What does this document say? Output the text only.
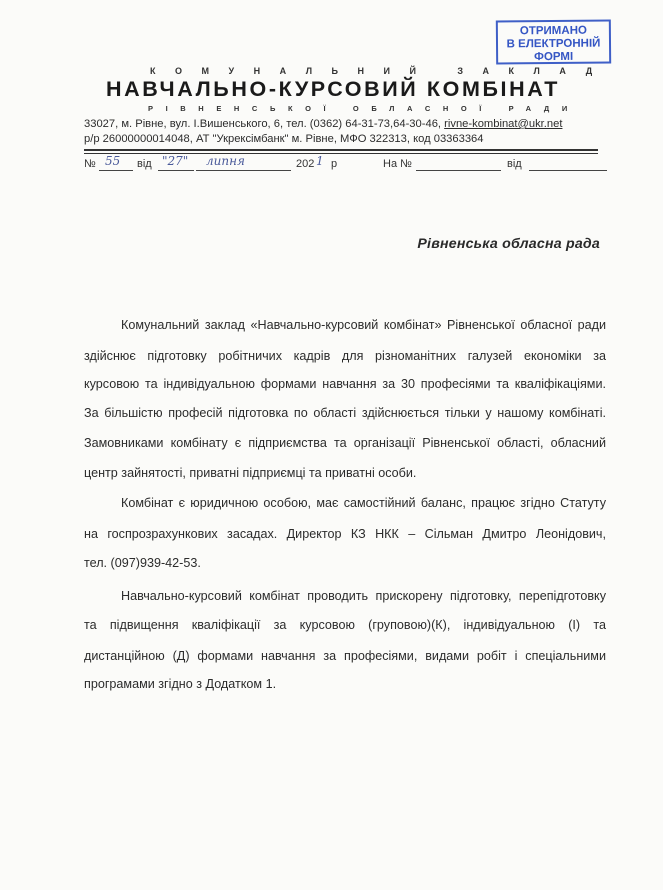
ОТРИМАНО
В ЕЛЕКТРОННІЙ
ФОРМІ
КОМУНАЛЬНИЙ ЗАКЛАД
НАВЧАЛЬНО-КУРСОВИЙ КОМБІНАТ
РІВНЕНСЬКОЇ ОБЛАСНОЇ РАДИ
33027, м. Рівне, вул. І.Вишенського, 6, тел. (0362) 64-31-73,64-30-46, rivne-kombinat@ukr.net
р/р 26000000014048, АТ "Укрексімбанк" м. Рівне, МФО 322313, код 03363364
№ 55 від "27" липня	202 1 р	На №	від
Рівненська обласна рада
Комунальний заклад «Навчально-курсовий комбінат» Рівненської обласної ради
здійснює підготовку робітничих кадрів для різноманітних галузей економіки за
курсовою та індивідуальною формами навчання за 30 професіями та кваліфікаціями.
За більшістю професій підготовка по області здійснюється тільки у нашому комбінаті.
Замовниками комбінату є підприємства та організації Рівненської області, обласний
центр зайнятості, приватні підприємці та приватні особи.
Комбінат є юридичною особою, має самостійний баланс, працює згідно Статуту
на госпрозрахункових засадах. Директор КЗ НКК – Сільман Дмитро Леонідович,
тел. (097)939-42-53.
Навчально-курсовий комбінат проводить прискорену підготовку, перепідготовку
та підвищення кваліфікації за курсовою (груповою)(К), індивідуальною (І) та
дистанційною (Д) формами навчання за професіями, видами робіт і спеціальними
програмами згідно з Додатком 1.
